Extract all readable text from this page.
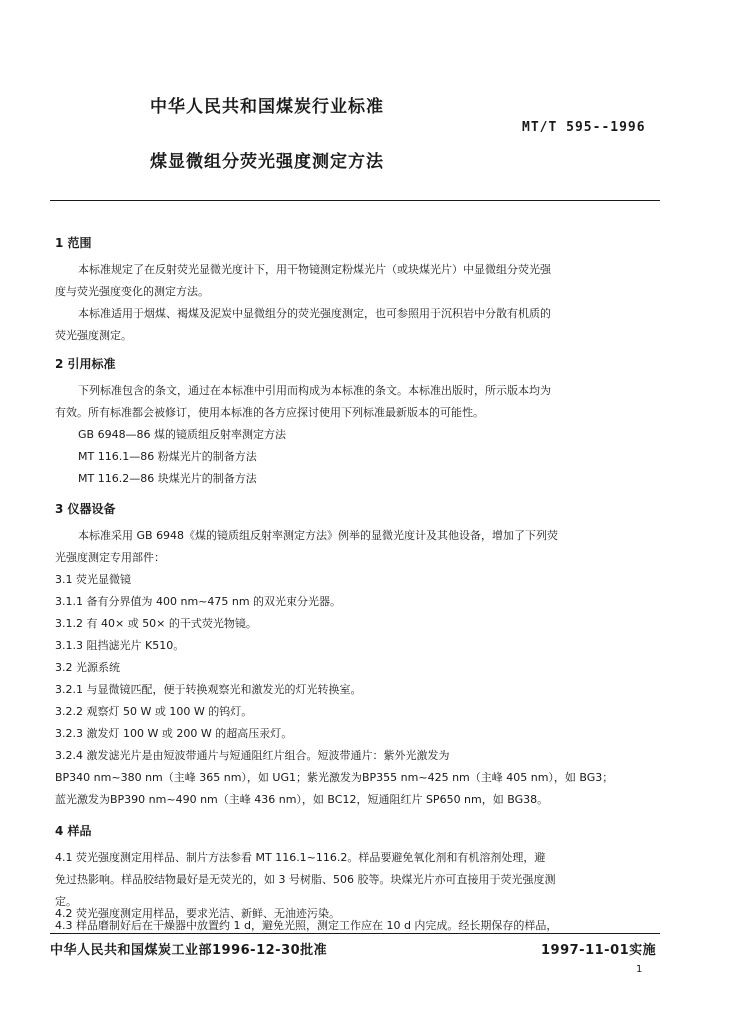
中华人民共和国煤炭行业标准
MT/T 595--1996
煤显微组分荧光强度测定方法
1 范围
本标准规定了在反射荧光显微光度计下，用干物镜测定粉煤光片（或块煤光片）中显微组分荧光强
度与荧光强度变化的测定方法。
本标准适用于烟煤、褐煤及泥炭中显微组分的荧光强度测定，也可参照用于沉积岩中分散有机质的
荧光强度测定。
2 引用标准
下列标准包含的条文，通过在本标准中引用而构成为本标准的条文。本标准出版时，所示版本均为
有效。所有标准都会被修订，使用本标准的各方应探讨使用下列标准最新版本的可能性。
GB 6948—86 煤的镜质组反射率测定方法
MT 116.1—86 粉煤光片的制备方法
MT 116.2—86 块煤光片的制备方法
3 仪器设备
本标准采用 GB 6948《煤的镜质组反射率测定方法》例举的显微光度计及其他设备，增加了下列荧
光强度测定专用部件：
3.1 荧光显微镜
3.1.1 备有分界值为 400 nm~475 nm 的双光束分光器。
3.1.2 有 40× 或 50× 的干式荧光物镜。
3.1.3 阻挡滤光片 K510。
3.2 光源系统
3.2.1 与显微镜匹配，便于转换观察光和激发光的灯光转换室。
3.2.2 观察灯 50 W 或 100 W 的钨灯。
3.2.3 激发灯 100 W 或 200 W 的超高压汞灯。
3.2.4 激发滤光片是由短波带通片与短通阻红片组合。短波带通片：紫外光激发为
BP340 nm~380 nm（主峰 365 nm），如 UG1；紫光激发为BP355 nm~425 nm（主峰 405 nm），如 BG3；
蓝光激发为BP390 nm~490 nm（主峰 436 nm），如 BC12，短通阻红片 SP650 nm，如 BG38。
4 样品
4.1 荧光强度测定用样品、制片方法参看 MT 116.1~116.2。样品要避免氧化剂和有机溶剂处理，避
免过热影响。样品胶结物最好是无荧光的，如 3 号树脂、506 胶等。块煤光片亦可直接用于荧光强度测
定。
4.2 荧光强度测定用样品，要求光洁、新鲜、无油迹污染。
4.3 样品磨制好后在干燥器中放置约 1 d，避免光照，测定工作应在 10 d 内完成。经长期保存的样品，
中华人民共和国煤炭工业部1996-12-30批准	1997-11-01实施
1
